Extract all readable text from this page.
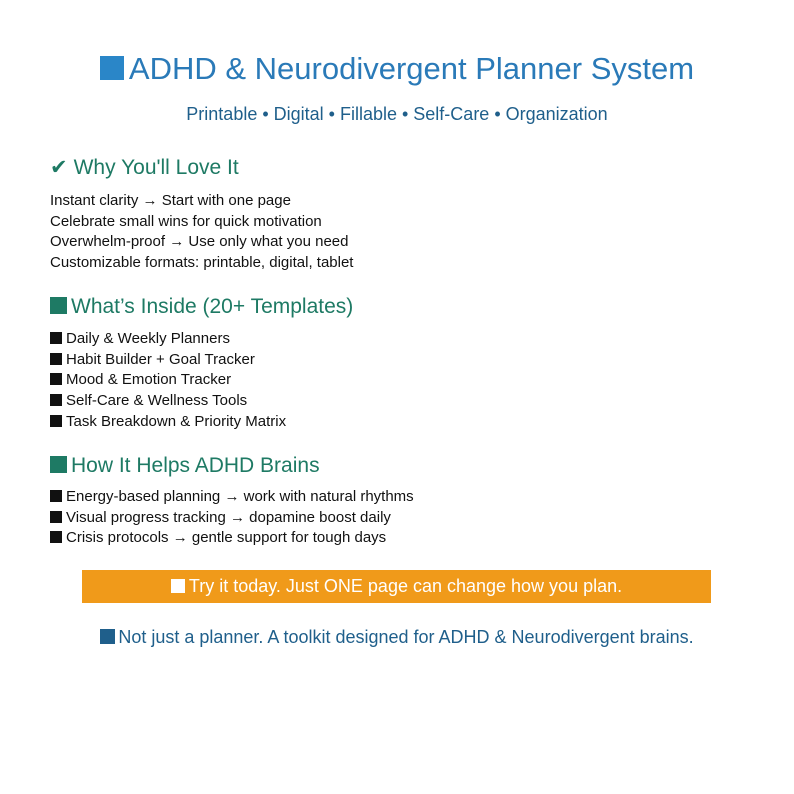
ADHD & Neurodivergent Planner System
Printable • Digital • Fillable • Self-Care • Organization
✔ Why You'll Love It
Instant clarity → Start with one page
Celebrate small wins for quick motivation
Overwhelm-proof → Use only what you need
Customizable formats: printable, digital, tablet
What’s Inside (20+ Templates)
Daily & Weekly Planners
Habit Builder + Goal Tracker
Mood & Emotion Tracker
Self-Care & Wellness Tools
Task Breakdown & Priority Matrix
How It Helps ADHD Brains
Energy-based planning → work with natural rhythms
Visual progress tracking → dopamine boost daily
Crisis protocols → gentle support for tough days
Try it today. Just ONE page can change how you plan.
Not just a planner. A toolkit designed for ADHD & Neurodivergent brains.
